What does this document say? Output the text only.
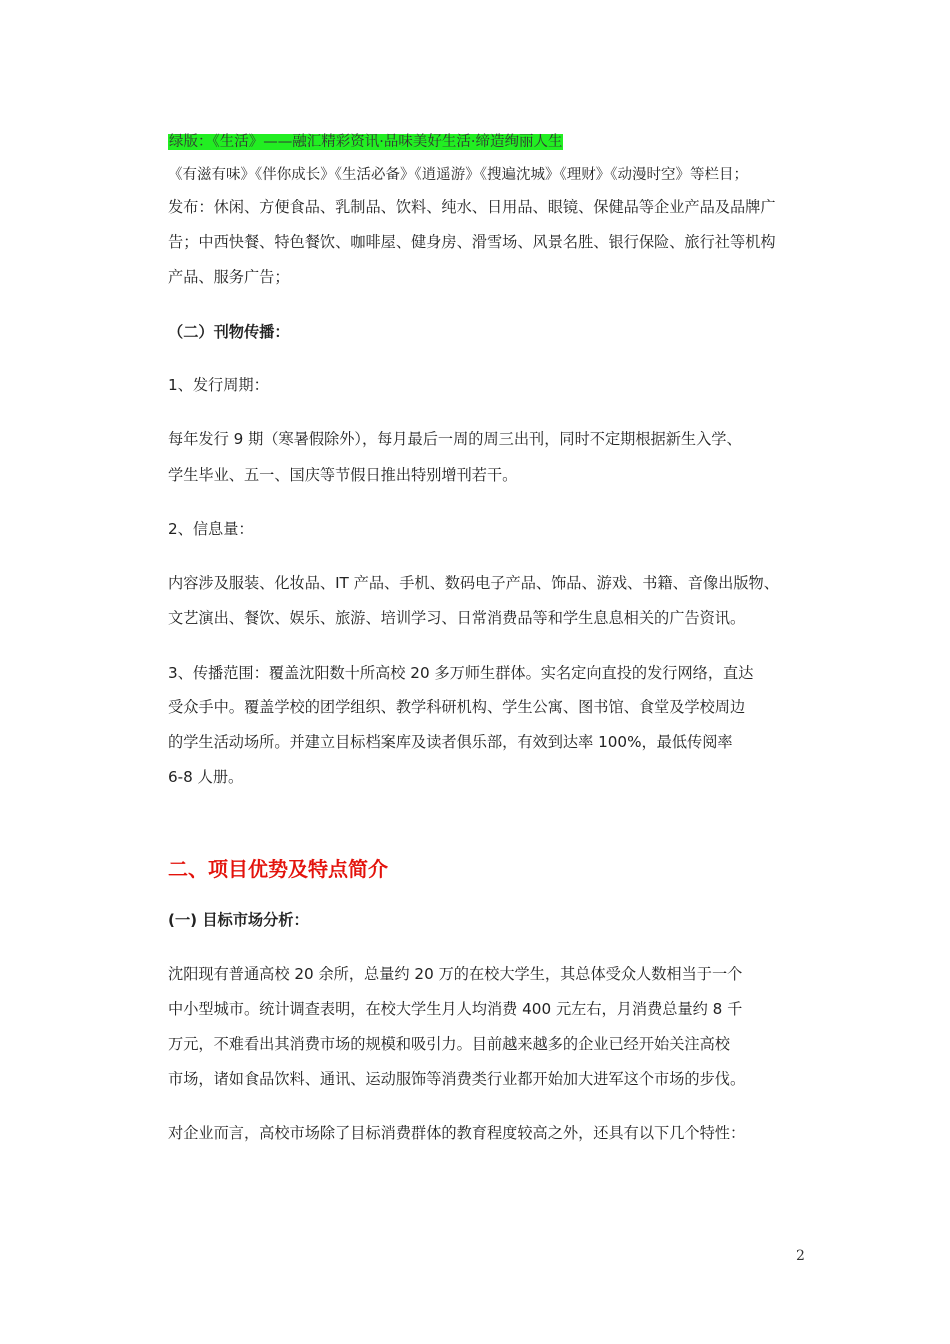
绿版：《生活》——融汇精彩资讯·品味美好生活·缔造绚丽人生
《有滋有味》《伴你成长》《生活必备》《逍遥游》《搜遍沈城》《理财》《动漫时空》等栏目；
发布：休闲、方便食品、乳制品、饮料、纯水、日用品、眼镜、保健品等企业产品及品牌广
告；中西快餐、特色餐饮、咖啡屋、健身房、滑雪场、风景名胜、银行保险、旅行社等机构
产品、服务广告；
（二）刊物传播：
1、发行周期：
每年发行 9 期（寒暑假除外），每月最后一周的周三出刊，同时不定期根据新生入学、
学生毕业、五一、国庆等节假日推出特别增刊若干。
2、信息量：
内容涉及服装、化妆品、IT 产品、手机、数码电子产品、饰品、游戏、书籍、音像出版物、
文艺演出、餐饮、娱乐、旅游、培训学习、日常消费品等和学生息息相关的广告资讯。
3、传播范围：覆盖沈阳数十所高校 20 多万师生群体。实名定向直投的发行网络，直达
受众手中。覆盖学校的团学组织、教学科研机构、学生公寓、图书馆、食堂及学校周边
的学生活动场所。并建立目标档案库及读者俱乐部，有效到达率 100%，最低传阅率
6-8 人册。
二、项目优势及特点简介
(一) 目标市场分析：
沈阳现有普通高校 20 余所，总量约 20 万的在校大学生，其总体受众人数相当于一个
中小型城市。统计调查表明，在校大学生月人均消费 400 元左右，月消费总量约 8 千
万元，不难看出其消费市场的规模和吸引力。目前越来越多的企业已经开始关注高校
市场，诸如食品饮料、通讯、运动服饰等消费类行业都开始加大进军这个市场的步伐。
对企业而言，高校市场除了目标消费群体的教育程度较高之外，还具有以下几个特性：
2
